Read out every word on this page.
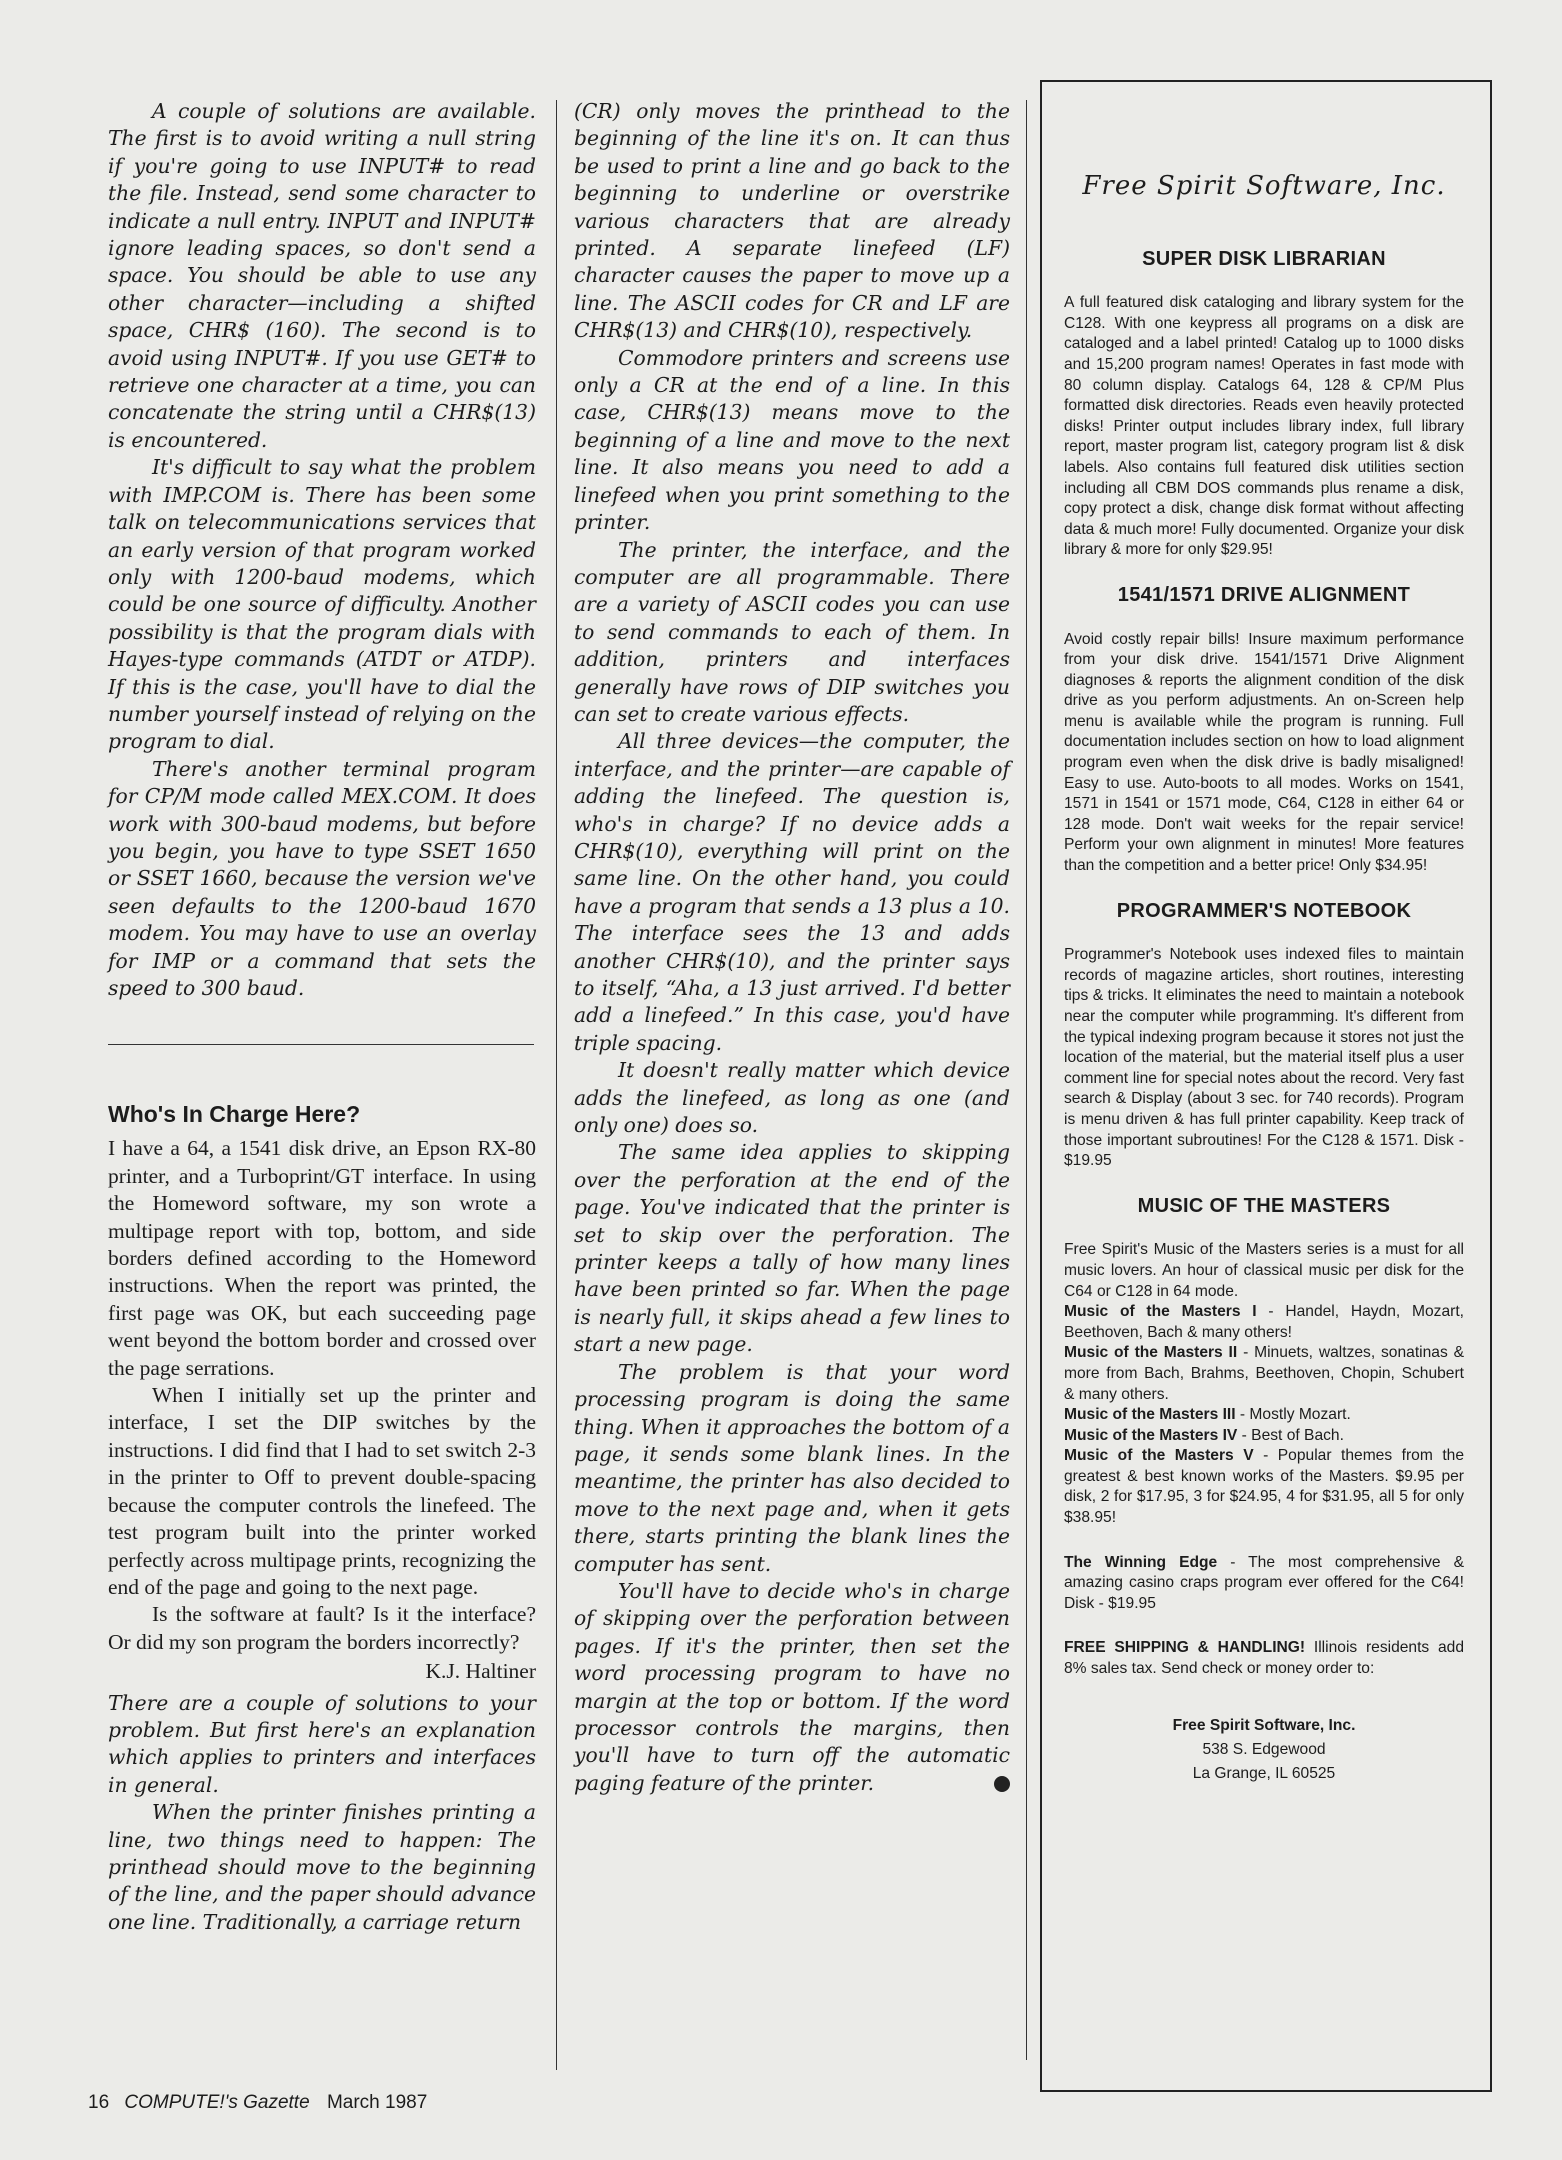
A couple of solutions are available. The first is to avoid writing a null string if you're going to use INPUT# to read the file. Instead, send some character to indicate a null entry. INPUT and INPUT# ignore leading spaces, so don't send a space. You should be able to use any other character—including a shifted space, CHR$ (160). The second is to avoid using INPUT#. If you use GET# to retrieve one character at a time, you can concatenate the string until a CHR$(13) is encountered.

It's difficult to say what the problem with IMP.COM is. There has been some talk on telecommunications services that an early version of that program worked only with 1200-baud modems, which could be one source of difficulty. Another possibility is that the program dials with Hayes-type commands (ATDT or ATDP). If this is the case, you'll have to dial the number yourself instead of relying on the program to dial.

There's another terminal program for CP/M mode called MEX.COM. It does work with 300-baud modems, but before you begin, you have to type SSET 1650 or SSET 1660, because the version we've seen defaults to the 1200-baud 1670 modem. You may have to use an overlay for IMP or a command that sets the speed to 300 baud.

Who's In Charge Here?

I have a 64, a 1541 disk drive, an Epson RX-80 printer, and a Turboprint/GT interface. In using the Homeword software, my son wrote a multipage report with top, bottom, and side borders defined according to the Homeword instructions. When the report was printed, the first page was OK, but each succeeding page went beyond the bottom border and crossed over the page serrations.

When I initially set up the printer and interface, I set the DIP switches by the instructions. I did find that I had to set switch 2-3 in the printer to Off to prevent double-spacing because the computer controls the linefeed. The test program built into the printer worked perfectly across multipage prints, recognizing the end of the page and going to the next page.

Is the software at fault? Is it the interface? Or did my son program the borders incorrectly?

K.J. Haltiner

There are a couple of solutions to your problem. But first here's an explanation which applies to printers and interfaces in general.

When the printer finishes printing a line, two things need to happen: The printhead should move to the beginning of the line, and the paper should advance one line. Traditionally, a carriage return

(CR) only moves the printhead to the beginning of the line it's on. It can thus be used to print a line and go back to the beginning to underline or overstrike various characters that are already printed. A separate linefeed (LF) character causes the paper to move up a line. The ASCII codes for CR and LF are CHR$(13) and CHR$(10), respectively.

Commodore printers and screens use only a CR at the end of a line. In this case, CHR$(13) means move to the beginning of a line and move to the next line. It also means you need to add a linefeed when you print something to the printer.

The printer, the interface, and the computer are all programmable. There are a variety of ASCII codes you can use to send commands to each of them. In addition, printers and interfaces generally have rows of DIP switches you can set to create various effects.

All three devices—the computer, the interface, and the printer—are capable of adding the linefeed. The question is, who's in charge? If no device adds a CHR$(10), everything will print on the same line. On the other hand, you could have a program that sends a 13 plus a 10. The interface sees the 13 and adds another CHR$(10), and the printer says to itself, “Aha, a 13 just arrived. I'd better add a linefeed.” In this case, you'd have triple spacing.

It doesn't really matter which device adds the linefeed, as long as one (and only one) does so.

The same idea applies to skipping over the perforation at the end of the page. You've indicated that the printer is set to skip over the perforation. The printer keeps a tally of how many lines have been printed so far. When the page is nearly full, it skips ahead a few lines to start a new page.

The problem is that your word processing program is doing the same thing. When it approaches the bottom of a page, it sends some blank lines. In the meantime, the printer has also decided to move to the next page and, when it gets there, starts printing the blank lines the computer has sent.

You'll have to decide who's in charge of skipping over the perforation between pages. If it's the printer, then set the word processing program to have no margin at the top or bottom. If the word processor controls the margins, then you'll have to turn off the automatic paging feature of the printer.

Free Spirit Software, Inc.
SUPER DISK LIBRARIAN

A full featured disk cataloging and library system for the C128. With one keypress all programs on a disk are cataloged and a label printed! Catalog up to 1000 disks and 15,200 program names! Operates in fast mode with 80 column display. Catalogs 64, 128 & CP/M Plus formatted disk directories. Reads even heavily protected disks! Printer output includes library index, full library report, master program list, category program list & disk labels. Also contains full featured disk utilities section including all CBM DOS commands plus rename a disk, copy protect a disk, change disk format without affecting data & much more! Fully documented. Organize your disk library & more for only $29.95!

1541/1571 DRIVE ALIGNMENT

Avoid costly repair bills! Insure maximum performance from your disk drive. 1541/1571 Drive Alignment diagnoses & reports the alignment condition of the disk drive as you perform adjustments. An on-Screen help menu is available while the program is running. Full documentation includes section on how to load alignment program even when the disk drive is badly misaligned! Easy to use. Auto-boots to all modes. Works on 1541, 1571 in 1541 or 1571 mode, C64, C128 in either 64 or 128 mode. Don't wait weeks for the repair service! Perform your own alignment in minutes! More features than the competition and a better price! Only $34.95!

PROGRAMMER'S NOTEBOOK

Programmer's Notebook uses indexed files to maintain records of magazine articles, short routines, interesting tips & tricks. It eliminates the need to maintain a notebook near the computer while programming. It's different from the typical indexing program because it stores not just the location of the material, but the material itself plus a user comment line for special notes about the record. Very fast search & Display (about 3 sec. for 740 records). Program is menu driven & has full printer capability. Keep track of those important subroutines! For the C128 & 1571. Disk - $19.95

MUSIC OF THE MASTERS

Free Spirit's Music of the Masters series is a must for all music lovers. An hour of classical music per disk for the C64 or C128 in 64 mode.
Music of the Masters I - Handel, Haydn, Mozart, Beethoven, Bach & many others!
Music of the Masters II - Minuets, waltzes, sonatinas & more from Bach, Brahms, Beethoven, Chopin, Schubert & many others.
Music of the Masters III - Mostly Mozart.
Music of the Masters IV - Best of Bach.
Music of the Masters V - Popular themes from the greatest & best known works of the Masters. $9.95 per disk, 2 for $17.95, 3 for $24.95, 4 for $31.95, all 5 for only $38.95!

The Winning Edge - The most comprehensive & amazing casino craps program ever offered for the C64! Disk - $19.95

FREE SHIPPING & HANDLING! Illinois residents add 8% sales tax. Send check or money order to:

Free Spirit Software, Inc.
538 S. Edgewood
La Grange, IL 60525
16 COMPUTE!'s Gazette March 1987
